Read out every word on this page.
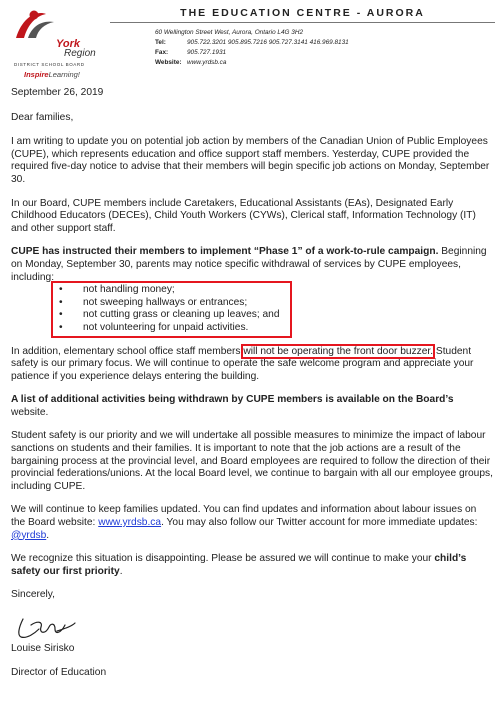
York
Region
DISTRICT SCHOOL BOARD
InspireLearning!
THE EDUCATION CENTRE - AURORA
60 Wellington Street West, Aurora, Ontario L4G 3H2
Tel:	905.722.3201 905.895.7216 905.727.3141 416.969.8131
Fax:	905.727.1931
Website: www.yrdsb.ca

September 26, 2019

Dear families,

I am writing to update you on potential job action by members of the Canadian Union of Public Employees (CUPE), which represents education and office support staff members. Yesterday, CUPE provided the required five-day notice to advise that their members will begin specific job actions on Monday, September 30.

In our Board, CUPE members include Caretakers, Educational Assistants (EAs), Designated Early Childhood Educators (DECEs), Child Youth Workers (CYWs), Clerical staff, Information Technology (IT) and other support staff.

CUPE has instructed their members to implement “Phase 1” of a work-to-rule campaign. Beginning on Monday, September 30, parents may notice specific withdrawal of services by CUPE employees, including:

• not handling money;
• not sweeping hallways or entrances;
• not cutting grass or cleaning up leaves; and
• not volunteering for unpaid activities.

In addition, elementary school office staff members will not be operating the front door buzzer. Student safety is our primary focus. We will continue to operate the safe welcome program and appreciate your patience if you experience delays entering the building.

A list of additional activities being withdrawn by CUPE members is available on the Board’s website.

Student safety is our priority and we will undertake all possible measures to minimize the impact of labour sanctions on students and their families. It is important to note that the job actions are a result of the bargaining process at the provincial level, and Board employees are required to follow the direction of their provincial federations/unions. At the local Board level, we continue to bargain with all our employee groups, including CUPE.

We will continue to keep families updated. You can find updates and information about labour issues on the Board website: www.yrdsb.ca. You may also follow our Twitter account for more immediate updates: @yrdsb.

We recognize this situation is disappointing. Please be assured we will continue to make your child’s safety our first priority.

Sincerely,

Louise Sirisko

Director of Education
